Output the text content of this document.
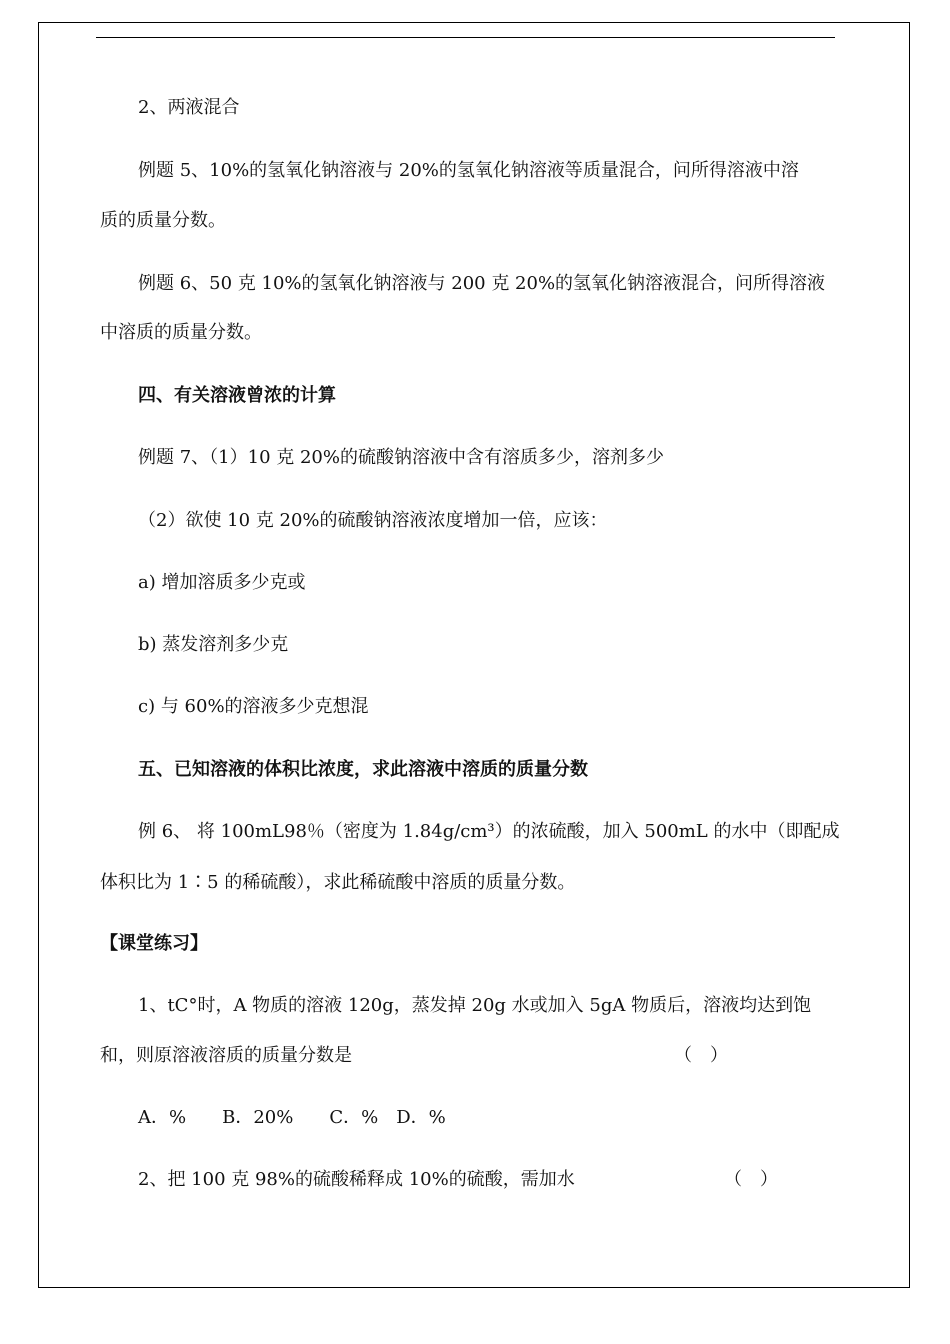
2、两液混合
例题 5、10%的氢氧化钠溶液与 20%的氢氧化钠溶液等质量混合，问所得溶液中溶
质的质量分数。
例题 6、50 克 10%的氢氧化钠溶液与 200 克 20%的氢氧化钠溶液混合，问所得溶液
中溶质的质量分数。
四、有关溶液曾浓的计算
例题 7、（1）10 克 20%的硫酸钠溶液中含有溶质多少，溶剂多少
（2）欲使 10 克 20%的硫酸钠溶液浓度增加一倍，应该：
a) 增加溶质多少克或
b) 蒸发溶剂多少克
c) 与 60%的溶液多少克想混
五、已知溶液的体积比浓度，求此溶液中溶质的质量分数
例 6、 将 100mL98％（密度为 1.84g/cm³）的浓硫酸，加入 500mL 的水中（即配成
体积比为 1∶5 的稀硫酸），求此稀硫酸中溶质的质量分数。
【课堂练习】
1、tC°时，A 物质的溶液 120g，蒸发掉 20g 水或加入 5gA 物质后，溶液均达到饱
和，则原溶液溶质的质量分数是	（　）
A．%　　B．20%　　C．%　D．%
2、把 100 克 98%的硫酸稀释成 10%的硫酸，需加水	（　）
